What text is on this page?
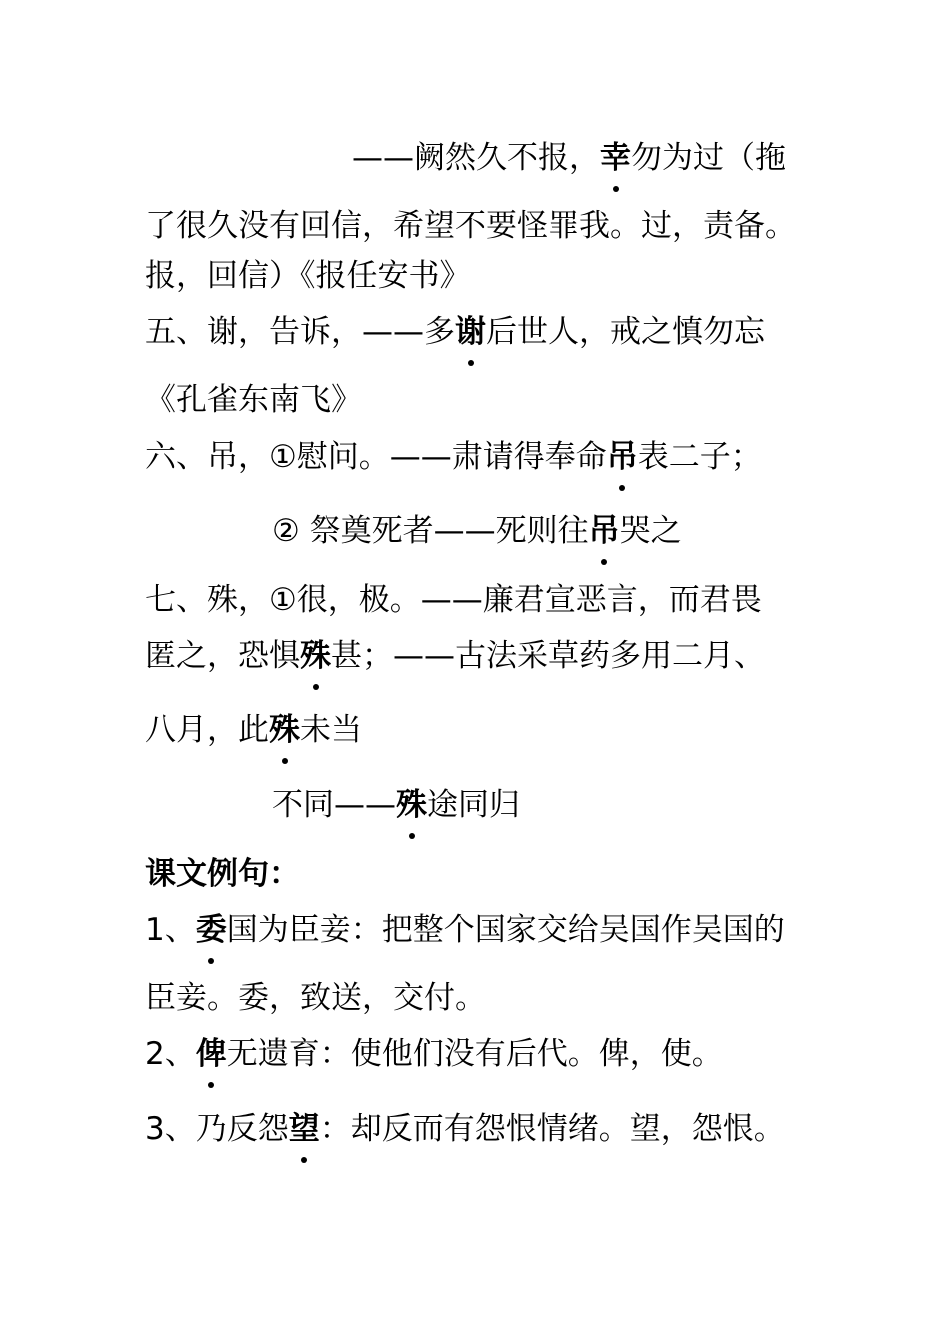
——阙然久不报，幸勿为过（拖
了很久没有回信，希望不要怪罪我。过，责备。
报，回信）《报任安书》
五、谢，告诉，——多谢后世人，戒之慎勿忘
《孔雀东南飞》
六、吊，①慰问。——肃请得奉命吊表二子；
② 祭奠死者——死则往吊哭之
七、殊，①很，极。——廉君宣恶言，而君畏
匿之，恐惧殊甚；——古法采草药多用二月、
八月，此殊未当
不同——殊途同归
课文例句：
1、委国为臣妾：把整个国家交给吴国作吴国的
臣妾。委，致送，交付。
2、俾无遗育：使他们没有后代。俾，使。
3、乃反怨望：却反而有怨恨情绪。望，怨恨。
